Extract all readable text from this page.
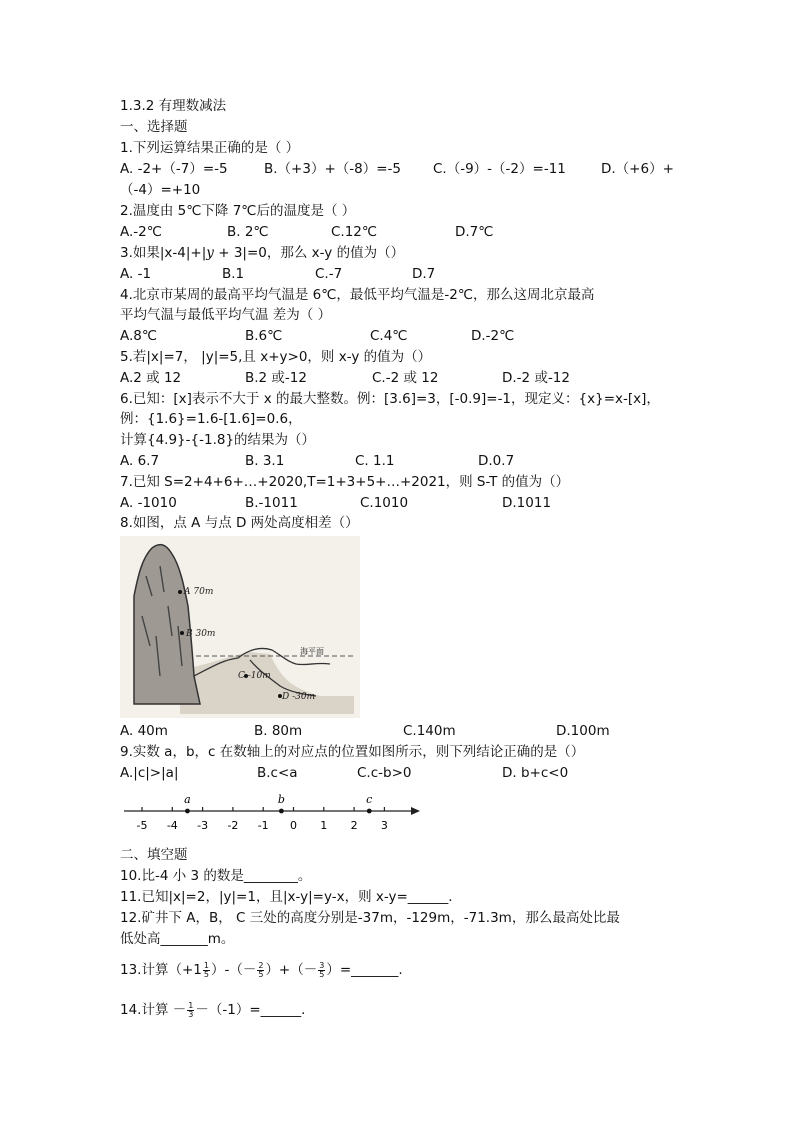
1.3.2 有理数减法
一、选择题
1.下列运算结果正确的是（ ）
A. -2+（-7）=-5	B.（+3）+（-8）=-5 C.（-9）-（-2）=-11	D.（+6）+
（-4）=+10
2.温度由 5℃下降 7℃后的温度是（ ）
A.-2℃	B. 2℃	C.12℃	D.7℃
3.如果|x-4|+|y + 3|=0，那么 x-y 的值为（）
A. -1	B.1	C.-7	D.7
4.北京市某周的最高平均气温是 6℃，最低平均气温是-2℃，那么这周北京最高
平均气温与最低平均气温 差为（ ）
A.8℃	B.6℃	C.4℃	D.-2℃
5.若|x|=7， |y|=5,且 x+y>0，则 x-y 的值为（）
A.2 或 12	B.2 或-12	C.-2 或 12	D.-2 或-12
6.已知：[x]表示不大于 x 的最大整数。例：[3.6]=3，[-0.9]=-1，现定义：{x}=x-[x]，
例：{1.6}=1.6-[1.6]=0.6，
计算{4.9}-{-1.8}的结果为（）
A. 6.7	B. 3.1	C. 1.1	D.0.7
7.已知 S=2+4+6+…+2020,T=1+3+5+…+2021，则 S-T 的值为（）
A. -1010	B.-1011	C.1010	D.1011
8.如图，点 A 与点 D 两处高度相差（）
A 70m
B 30m
海平面
C -10m
D -30m
A. 40m	B. 80m	C.140m	D.100m
9.实数 a，b，c 在数轴上的对应点的位置如图所示，则下列结论正确的是（）
A.|c|>|a|	B.c<a	C.c-b>0	D. b+c<0
-5 -4 -3 -2 -1 0 1 2 3
a	b	c
二、填空题
10.比-4 小 3 的数是________。
11.已知|x|=2，|y|=1，且|x-y|=y-x，则 x-y=______.
12.矿井下 A，B， C 三处的高度分别是-37m，-129m，-71.3m，那么最高处比最
低处高_______m。
13.计算（$+1 \frac{1}{5}$ ）-（－ $\frac{2}{5}$ ）+（－ $\frac{3}{5}$ ）=_______.
14.计算 － $\frac{1}{3}$ －（-1）=______.
